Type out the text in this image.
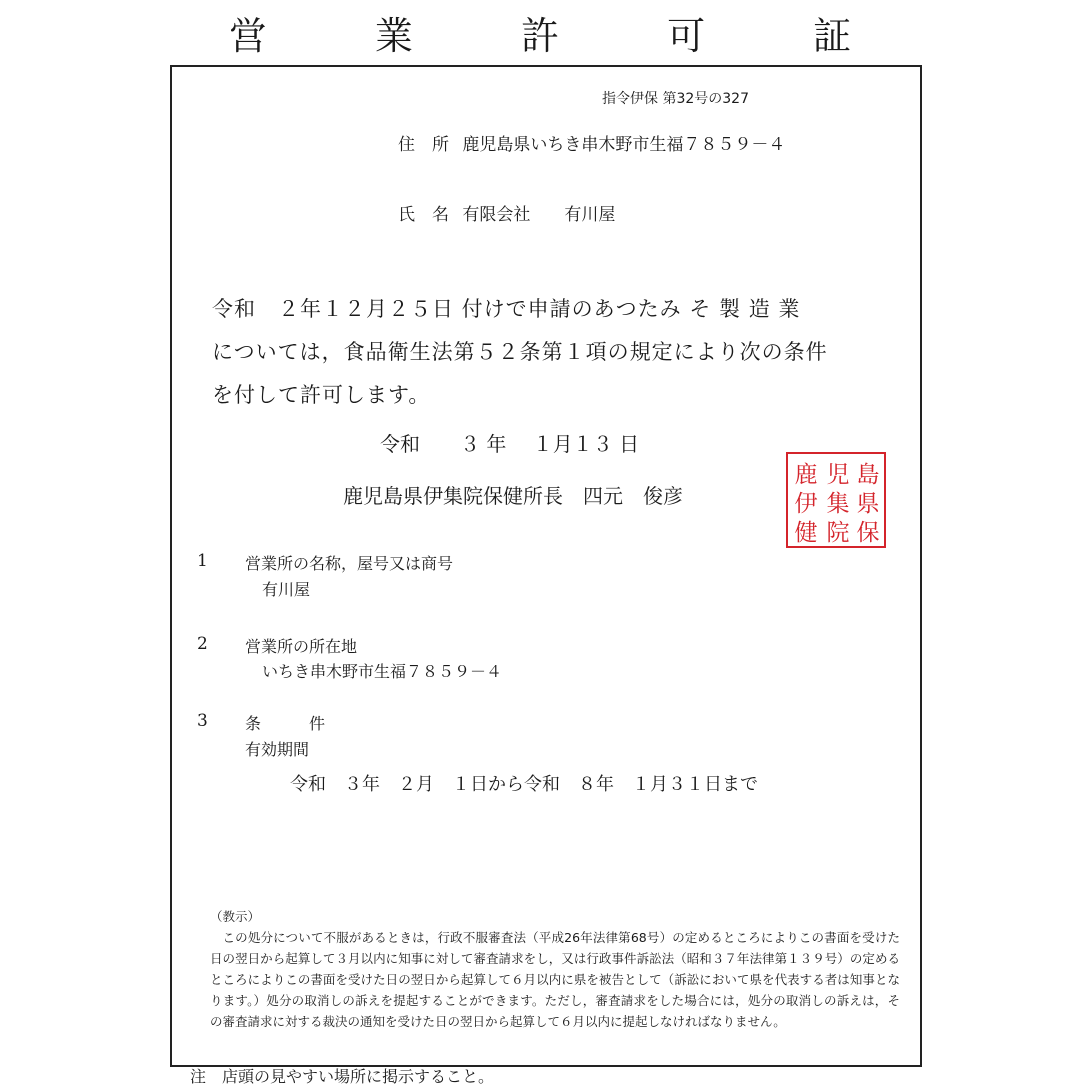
営 業 許 可 証
指令伊保 第32号の327
住　所 鹿児島県いちき串木野市生福７８５９－４
氏　名 有限会社　　有川屋
令和　２年１２月２５日 付けで申請のあつたみ そ 製 造 業
については，食品衛生法第５２条第１項の規定により次の条件
を付して許可します。
令和　　３ 年　 １月１３ 日
鹿児島県伊集院保健所長　四元　俊彦
島
県
保
児
集
院
鹿
伊
健
1 営業所の名称，屋号又は商号
有川屋
2 営業所の所在地
いちき串木野市生福７８５９－４
3 条　　　件
有効期間
令和　３年　２月　１日から令和　８年　１月３１日まで
（教示）
この処分について不服があるときは，行政不服審査法（平成26年法律第68号）の定めるところによりこの書面を受けた日の翌日から起算して３月以内に知事に対して審査請求をし，又は行政事件訴訟法（昭和３７年法律第１３９号）の定めるところによりこの書面を受けた日の翌日から起算して６月以内に県を被告として（訴訟において県を代表する者は知事となります。）処分の取消しの訴えを提起することができます。ただし，審査請求をした場合には，処分の取消しの訴えは，その審査請求に対する裁決の通知を受けた日の翌日から起算して６月以内に提起しなければなりません。
注　店頭の見やすい場所に掲示すること。
